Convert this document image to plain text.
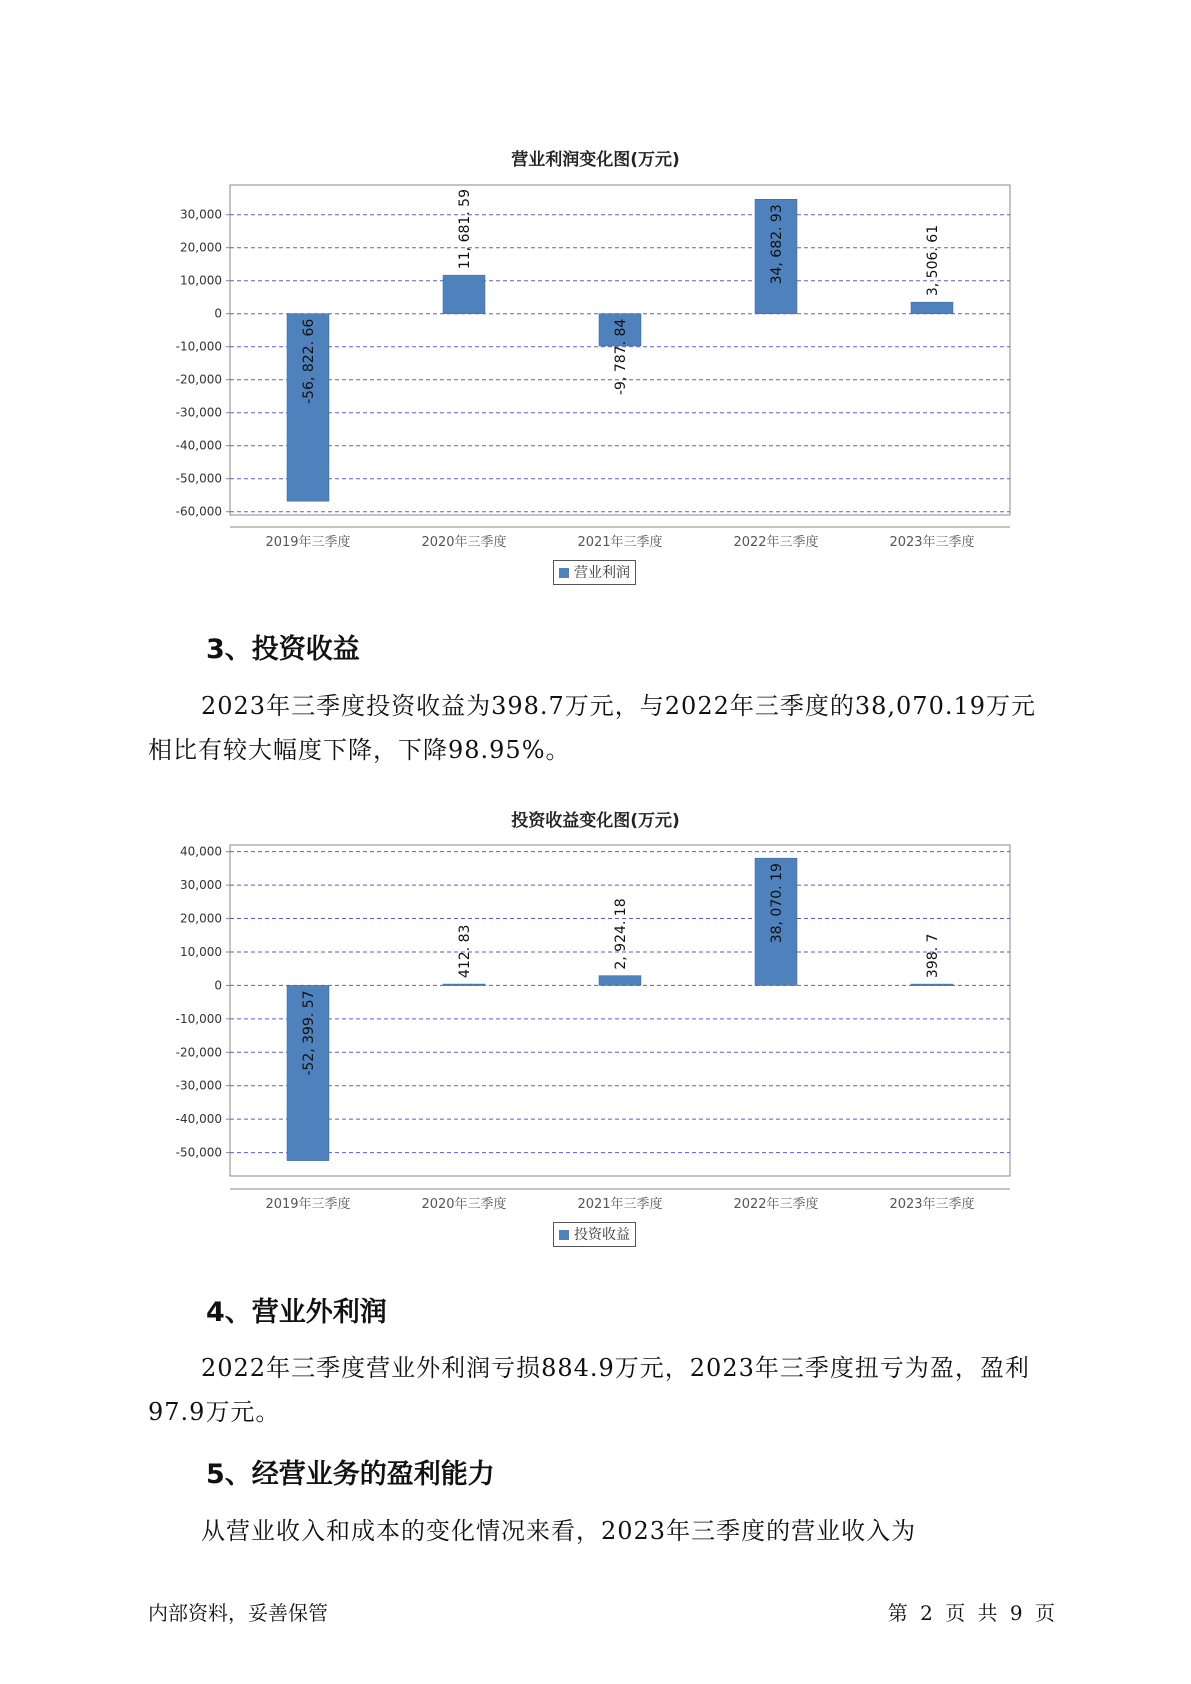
营业利润变化图(万元)
30,000
20,000
10,000
0
-10,000
-20,000
-30,000
-40,000
-50,000
-60,000
-56, 822. 66
2019年三季度
11, 681. 59
2020年三季度
-9, 787. 84
2021年三季度
34, 682. 93
2022年三季度
3, 506. 61
2023年三季度
营业利润
3、投资收益

2023年三季度投资收益为398.7万元，与2022年三季度的38,070.19万元相比有较大幅度下降，下降98.95%。

投资收益变化图(万元)
40,000
30,000
20,000
10,000
0
-10,000
-20,000
-30,000
-40,000
-50,000
-52, 399. 57
2019年三季度
412. 83
2020年三季度
2, 924. 18
2021年三季度
38, 070. 19
2022年三季度
398. 7
2023年三季度
投资收益
4、营业外利润

2022年三季度营业外利润亏损884.9万元，2023年三季度扭亏为盈，盈利97.9万元。

5、经营业务的盈利能力

从营业收入和成本的变化情况来看，2023年三季度的营业收入为

内部资料，妥善保管	第 2 页 共 9 页
